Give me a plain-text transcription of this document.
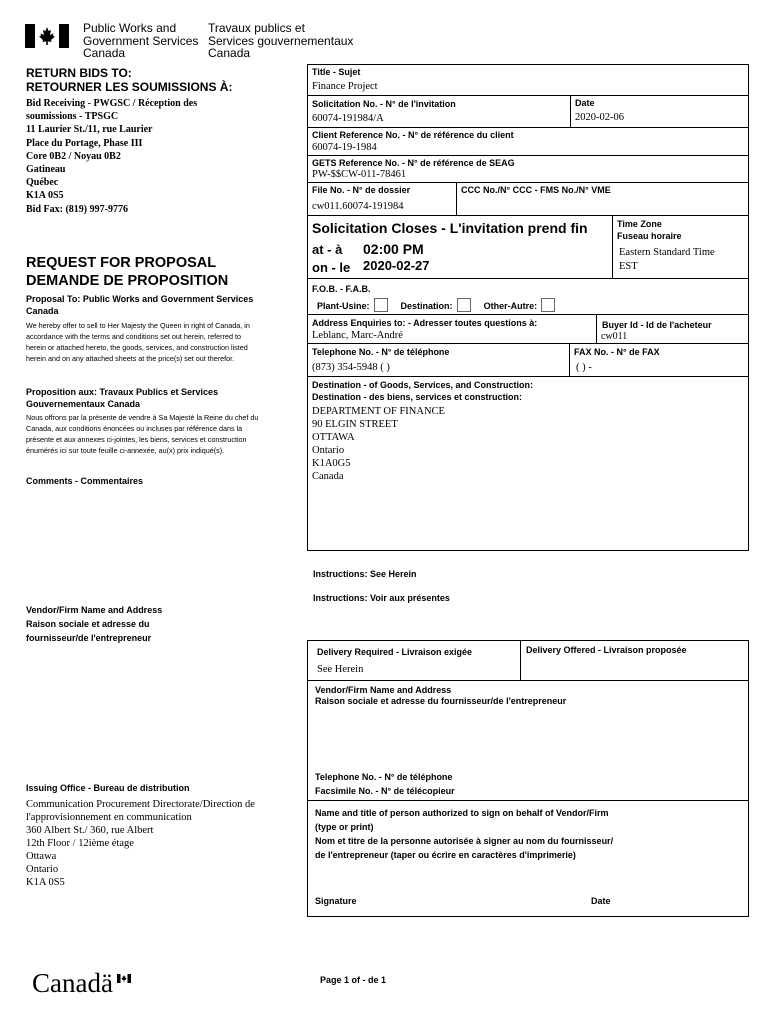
Public Works and
Government Services
Canada
Travaux publics et
Services gouvernementaux
Canada
RETURN BIDS TO:
RETOURNER LES SOUMISSIONS À:
Bid Receiving - PWGSC / Réception des
soumissions - TPSGC
11 Laurier St./11, rue Laurier
Place du Portage, Phase III
Core 0B2 / Noyau 0B2
Gatineau
Québec
K1A 0S5
Bid Fax: (819) 997-9776
REQUEST FOR PROPOSAL
DEMANDE DE PROPOSITION
Proposal To: Public Works and Government Services Canada
We hereby offer to sell to Her Majesty the Queen in right of Canada, in accordance with the terms and conditions set out herein, referred to herein or attached hereto, the goods, services, and construction listed herein and on any attached sheets at the price(s) set out therefor.
Proposition aux: Travaux Publics et Services Gouvernementaux Canada
Nous offrons par la présente de vendre à Sa Majesté la Reine du chef du Canada, aux conditions énoncées ou incluses par référence dans la présente et aux annexes ci-jointes, les biens, services et construction énumérés ici sur toute feuille ci-annexée, au(x) prix indiqué(s).
Comments - Commentaires
Vendor/Firm Name and Address
Raison sociale et adresse du
fournisseur/de l'entrepreneur
Issuing Office - Bureau de distribution
Communication Procurement Directorate/Direction de
l'approvisionnement en communication
360 Albert St./ 360, rue Albert
12th Floor / 12ième étage
Ottawa
Ontario
K1A 0S5
Title - Sujet
Finance Project
Solicitation No. - N° de l'invitation
60074-191984/A
Date
2020-02-06
Client Reference No. - N° de référence du client
60074-19-1984
GETS Reference No. - N° de référence de SEAG
PW-$$CW-011-78461
File No. - N° de dossier
cw011.60074-191984
CCC No./N° CCC - FMS No./N° VME
Solicitation Closes - L'invitation prend fin
at - à 02:00 PM
on - le 2020-02-27
Time Zone
Fuseau horaire
Eastern Standard Time
EST
F.O.B. - F.A.B.
Plant-Usine:	Destination:	Other-Autre:
Address Enquiries to: - Adresser toutes questions à:
Leblanc, Marc-André
Buyer Id - Id de l'acheteur
cw011
Telephone No. - N° de téléphone
(873) 354-5948 ( )
FAX No. - N° de FAX
( ) -
Destination - of Goods, Services, and Construction:
Destination - des biens, services et construction:
DEPARTMENT OF FINANCE
90 ELGIN STREET
OTTAWA
Ontario
K1A0G5
Canada
Instructions: See Herein
Instructions: Voir aux présentes
Delivery Required - Livraison exigée
See Herein
Delivery Offered - Livraison proposée
Vendor/Firm Name and Address
Raison sociale et adresse du fournisseur/de l'entrepreneur
Telephone No. - N° de téléphone
Facsimile No. - N° de télécopieur
Name and title of person authorized to sign on behalf of Vendor/Firm
(type or print)
Nom et titre de la personne autorisée à signer au nom du fournisseur/
de l'entrepreneur (taper ou écrire en caractères d'imprimerie)
Signature	Date
Canadä	Page 1 of - de 1
